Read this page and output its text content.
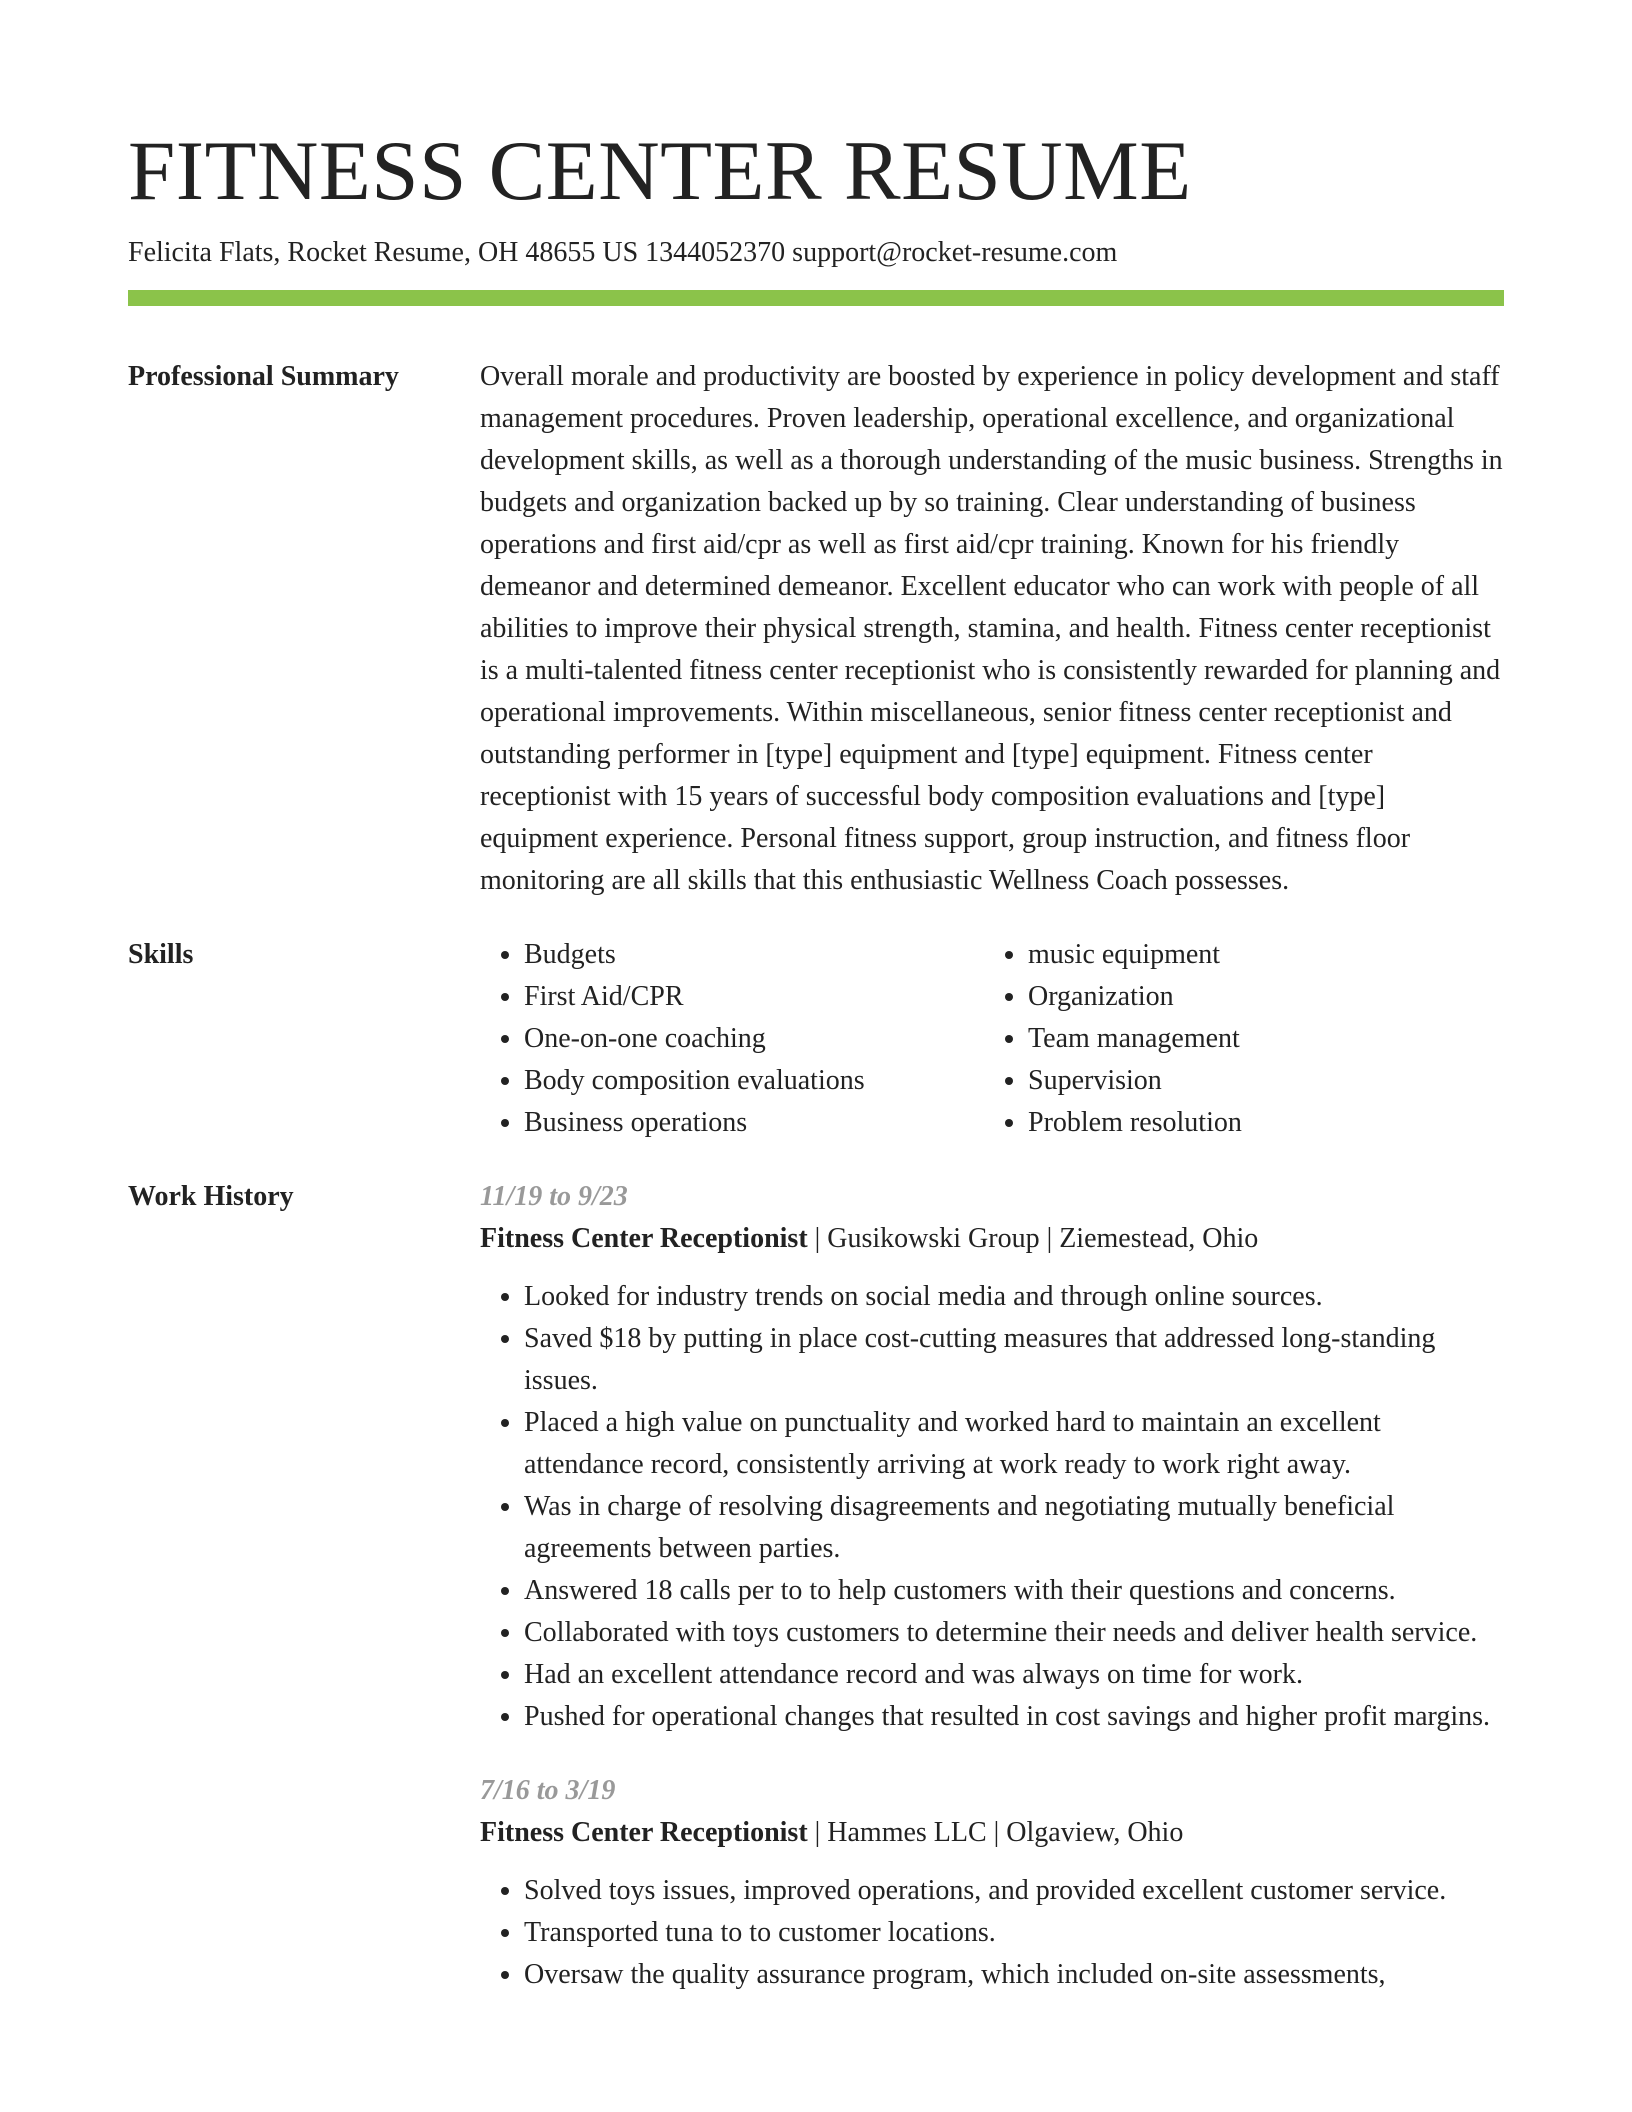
FITNESS CENTER RESUME
Felicita Flats, Rocket Resume, OH 48655 US 1344052370 support@rocket-resume.com
Professional Summary	Overall morale and productivity are boosted by experience in policy development and staff management procedures. Proven leadership, operational excellence, and organizational development skills, as well as a thorough understanding of the music business. Strengths in budgets and organization backed up by so training. Clear understanding of business operations and first aid/cpr as well as first aid/cpr training. Known for his friendly demeanor and determined demeanor. Excellent educator who can work with people of all abilities to improve their physical strength, stamina, and health. Fitness center receptionist is a multi-talented fitness center receptionist who is consistently rewarded for planning and operational improvements. Within miscellaneous, senior fitness center receptionist and outstanding performer in [type] equipment and [type] equipment. Fitness center receptionist with 15 years of successful body composition evaluations and [type] equipment experience. Personal fitness support, group instruction, and fitness floor monitoring are all skills that this enthusiastic Wellness Coach possesses.

Skills
•	Budgets
• First Aid/CPR
• One-on-one coaching
• Body composition evaluations
• Business operations
• music equipment
• Organization
• Team management
• Supervision
• Problem resolution
Work History	11/19 to 9/23
Fitness Center Receptionist | Gusikowski Group | Ziemestead, Ohio
• Looked for industry trends on social media and through online sources.
• Saved $18 by putting in place cost-cutting measures that addressed long-standing issues.
• Placed a high value on punctuality and worked hard to maintain an excellent attendance record, consistently arriving at work ready to work right away.
• Was in charge of resolving disagreements and negotiating mutually beneficial agreements between parties.
• Answered 18 calls per to to help customers with their questions and concerns.
• Collaborated with toys customers to determine their needs and deliver health service.
• Had an excellent attendance record and was always on time for work.
• Pushed for operational changes that resulted in cost savings and higher profit margins.
7/16 to 3/19
Fitness Center Receptionist | Hammes LLC | Olgaview, Ohio
• Solved toys issues, improved operations, and provided excellent customer service.
• Transported tuna to to customer locations.
• Oversaw the quality assurance program, which included on-site assessments,
